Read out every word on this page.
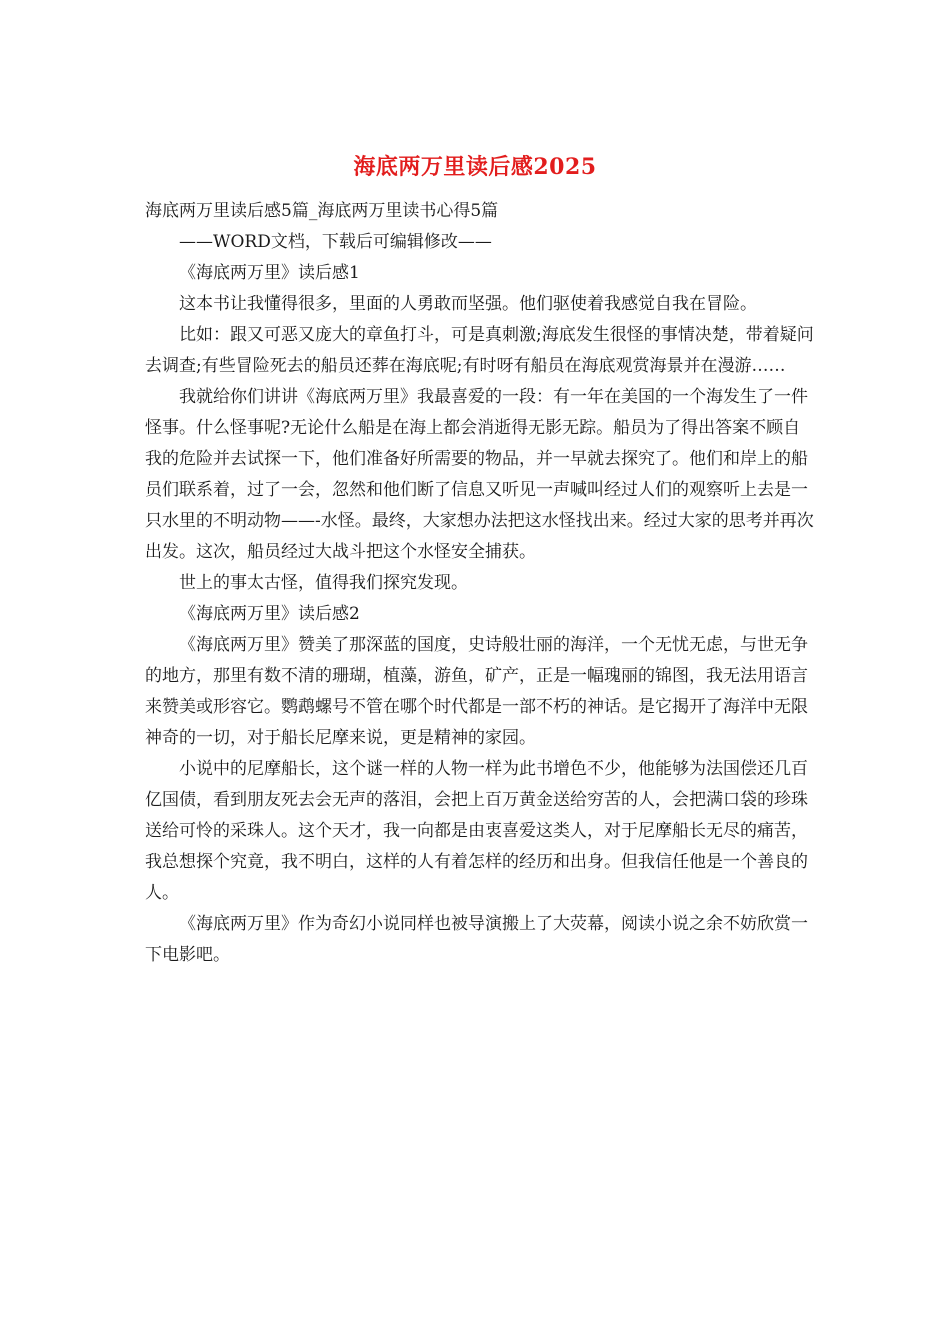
海底两万里读后感2025

海底两万里读后感5篇_海底两万里读书心得5篇

——WORD文档，下载后可编辑修改——

《海底两万里》读后感1

这本书让我懂得很多，里面的人勇敢而坚强。他们驱使着我感觉自我在冒险。

比如：跟又可恶又庞大的章鱼打斗，可是真刺激;海底发生很怪的事情决楚，带着疑问去调查;有些冒险死去的船员还葬在海底呢;有时呀有船员在海底观赏海景并在漫游……

我就给你们讲讲《海底两万里》我最喜爱的一段：有一年在美国的一个海发生了一件怪事。什么怪事呢?无论什么船是在海上都会消逝得无影无踪。船员为了得出答案不顾自我的危险并去试探一下，他们准备好所需要的物品，并一早就去探究了。他们和岸上的船员们联系着，过了一会，忽然和他们断了信息又听见一声喊叫经过人们的观察听上去是一只水里的不明动物——-水怪。最终，大家想办法把这水怪找出来。经过大家的思考并再次出发。这次，船员经过大战斗把这个水怪安全捕获。

世上的事太古怪，值得我们探究发现。

《海底两万里》读后感2

《海底两万里》赞美了那深蓝的国度，史诗般壮丽的海洋，一个无忧无虑，与世无争的地方，那里有数不清的珊瑚，植藻，游鱼，矿产，正是一幅瑰丽的锦图，我无法用语言来赞美或形容它。鹦鹉螺号不管在哪个时代都是一部不朽的神话。是它揭开了海洋中无限神奇的一切，对于船长尼摩来说，更是精神的家园。

小说中的尼摩船长，这个谜一样的人物一样为此书增色不少，他能够为法国偿还几百亿国债，看到朋友死去会无声的落泪，会把上百万黄金送给穷苦的人，会把满口袋的珍珠送给可怜的采珠人。这个天才，我一向都是由衷喜爱这类人，对于尼摩船长无尽的痛苦，我总想探个究竟，我不明白，这样的人有着怎样的经历和出身。但我信任他是一个善良的人。

《海底两万里》作为奇幻小说同样也被导演搬上了大荧幕，阅读小说之余不妨欣赏一下电影吧。
